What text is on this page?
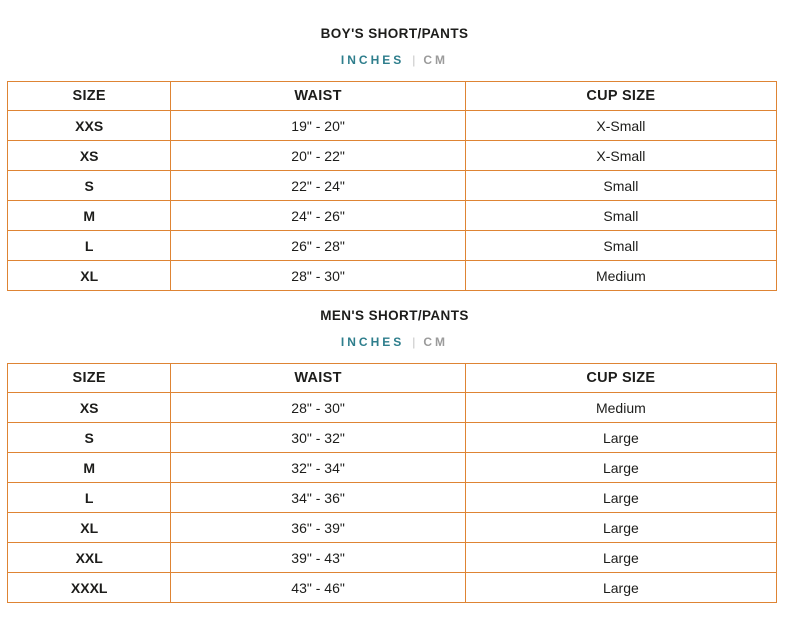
BOY'S SHORT/PANTS
INCHES | CM
SIZE	WAIST	CUP SIZE
XXS	19" - 20"	X-Small
XS	20" - 22"	X-Small
S	22" - 24"	Small
M	24" - 26"	Small
L	26" - 28"	Small
XL	28" - 30"	Medium
MEN'S SHORT/PANTS
INCHES | CM
SIZE	WAIST	CUP SIZE
XS	28" - 30"	Medium
S	30" - 32"	Large
M	32" - 34"	Large
L	34" - 36"	Large
XL	36" - 39"	Large
XXL	39" - 43"	Large
XXXL	43" - 46"	Large
